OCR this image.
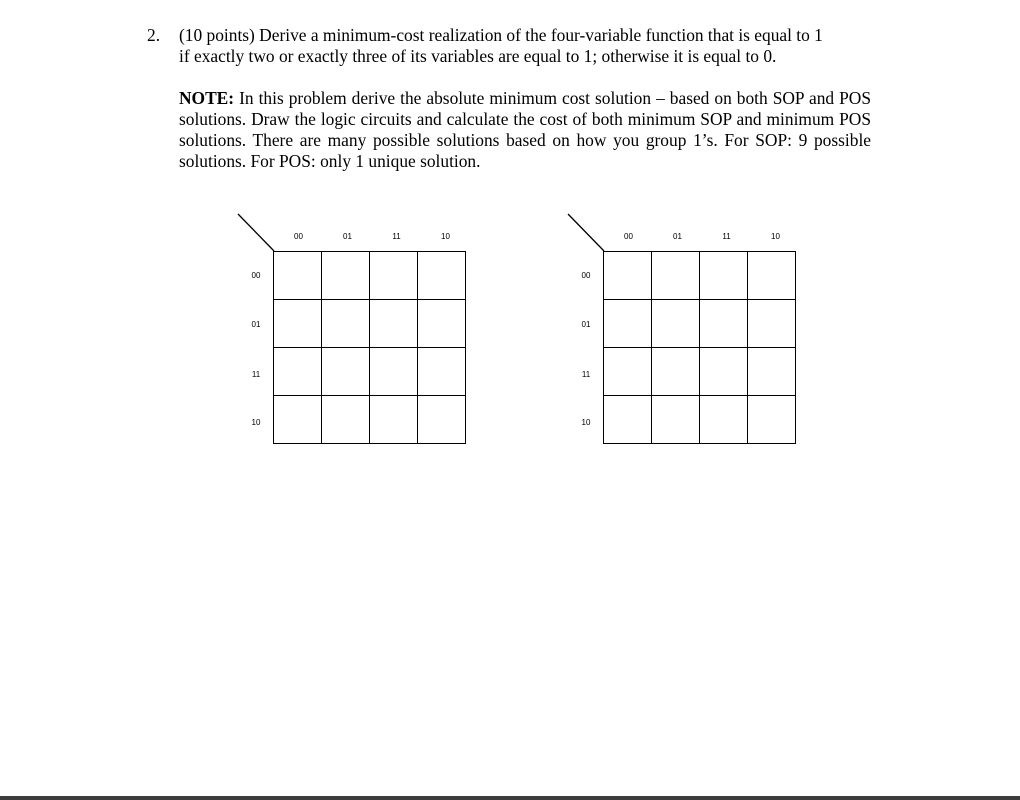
2. (10 points) Derive a minimum-cost realization of the four-variable function that is equal to 1
if exactly two or exactly three of its variables are equal to 1; otherwise it is equal to 0.
NOTE: In this problem derive the absolute minimum cost solution – based on both SOP and POS solutions. Draw the logic circuits and calculate the cost of both minimum SOP and minimum POS solutions. There are many possible solutions based on how you group 1’s. For SOP: 9 possible solutions. For POS: only 1 unique solution.
00	01	11	10
00
01
11
10
00	01	11	10
00
01
11
10
